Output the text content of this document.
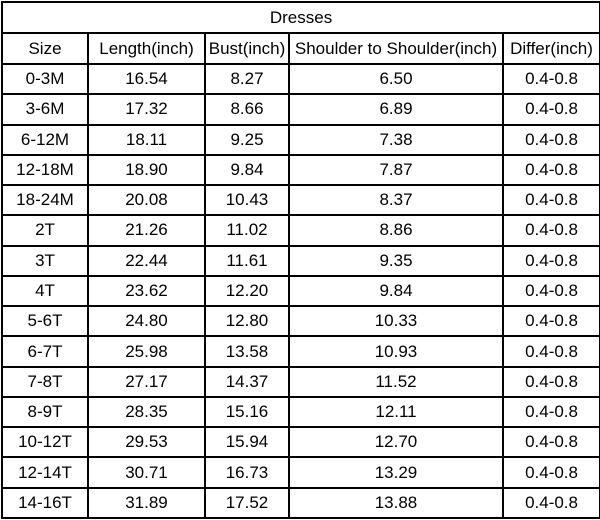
Dresses				
Size	Length(inch)	Bust(inch)	Shoulder to Shoulder(inch)	Differ(inch)
0-3M	16.54	8.27	6.50	0.4-0.8
3-6M	17.32	8.66	6.89	0.4-0.8
6-12M	18.11	9.25	7.38	0.4-0.8
12-18M	18.90	9.84	7.87	0.4-0.8
18-24M	20.08	10.43	8.37	0.4-0.8
2T	21.26	11.02	8.86	0.4-0.8
3T	22.44	11.61	9.35	0.4-0.8
4T	23.62	12.20	9.84	0.4-0.8
5-6T	24.80	12.80	10.33	0.4-0.8
6-7T	25.98	13.58	10.93	0.4-0.8
7-8T	27.17	14.37	11.52	0.4-0.8
8-9T	28.35	15.16	12.11	0.4-0.8
10-12T	29.53	15.94	12.70	0.4-0.8
12-14T	30.71	16.73	13.29	0.4-0.8
14-16T	31.89	17.52	13.88	0.4-0.8
